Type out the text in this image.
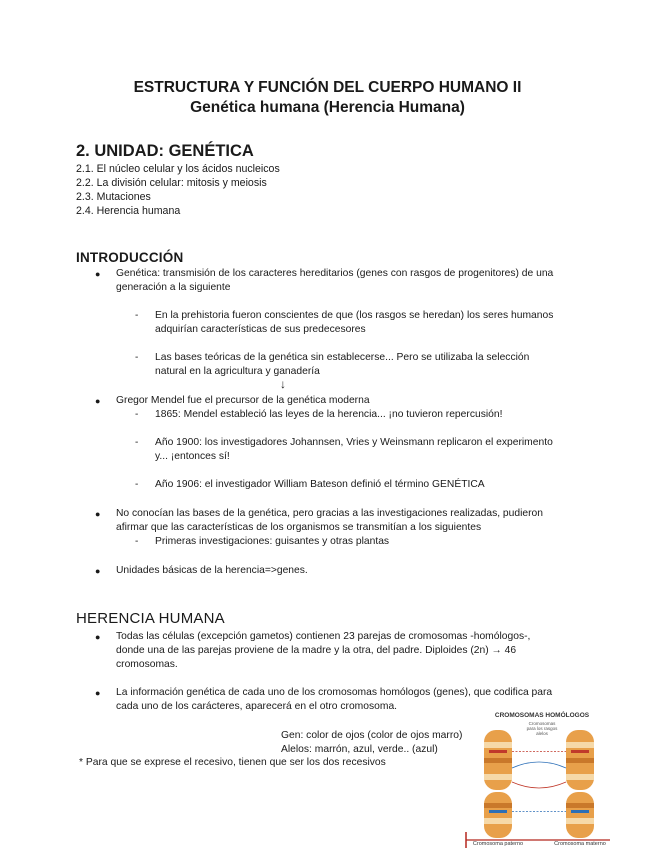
ESTRUCTURA Y FUNCIÓN DEL CUERPO HUMANO II
Genética humana (Herencia Humana)
2. UNIDAD: GENÉTICA
2.1. El núcleo celular y los ácidos nucleicos
2.2. La división celular: mitosis y meiosis
2.3. Mutaciones
2.4. Herencia humana
INTRODUCCIÓN
● Genética: transmisión de los caracteres hereditarios (genes con rasgos de progenitores) de una
generación a la siguiente
- En la prehistoria fueron conscientes de que (los rasgos se heredan) los seres humanos
adquirían características de sus predecesores
- Las bases teóricas de la genética sin establecerse... Pero se utilizaba la selección
natural en la agricultura y ganadería
↓
● Gregor Mendel fue el precursor de la genética moderna
- 1865: Mendel estableció las leyes de la herencia... ¡no tuvieron repercusión!
- Año 1900: los investigadores Johannsen, Vries y Weinsmann replicaron el experimento
y... ¡entonces sí!
- Año 1906: el investigador William Bateson definió el término GENÉTICA
● No conocían las bases de la genética, pero gracias a las investigaciones realizadas, pudieron
afirmar que las características de los organismos se transmitían a los siguientes
- Primeras investigaciones: guisantes y otras plantas
● Unidades básicas de la herencia=>genes.
HERENCIA HUMANA
● Todas las células (excepción gametos) contienen 23 parejas de cromosomas -homólogos-,
donde una de las parejas proviene de la madre y la otra, del padre. Diploides (2n) → 46
cromosomas.
● La información genética de cada uno de los cromosomas homólogos (genes), que codifica para
cada uno de los carácteres, aparecerá en el otro cromosoma.
Gen: color de ojos (color de ojos marro)
Alelos: marrón, azul, verde.. (azul)
* Para que se exprese el recesivo, tienen que ser los dos recesivos
CROMOSOMAS HOMÓLOGOS
Cromosomas
para los rasgos
alelos
Cromosoma paterno	Cromosoma materno
